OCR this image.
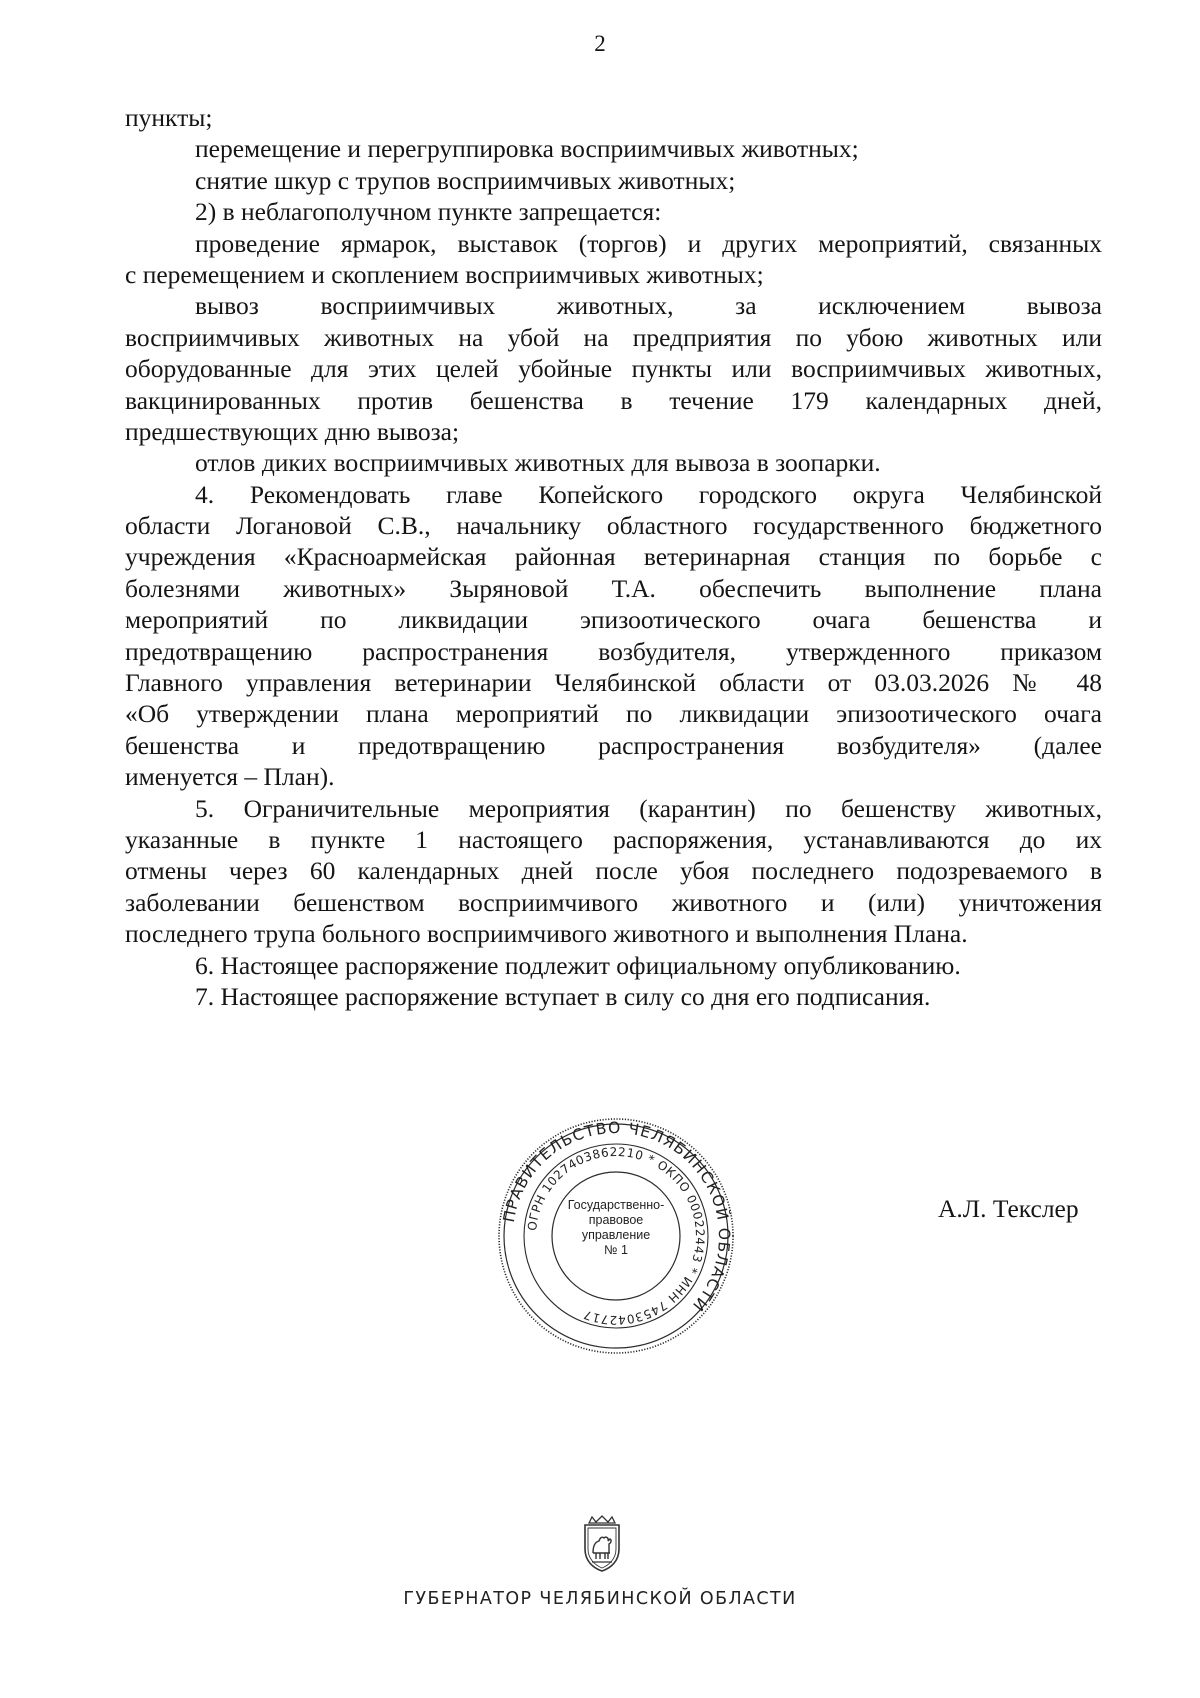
2
пункты;
перемещение и перегруппировка восприимчивых животных;
снятие шкур с трупов восприимчивых животных;
2) в неблагополучном пункте запрещается:
проведение ярмарок, выставок (торгов) и других мероприятий, связанных
с перемещением и скоплением восприимчивых животных;
вывоз восприимчивых животных, за исключением вывоза
восприимчивых животных на убой на предприятия по убою животных или
оборудованные для этих целей убойные пункты или восприимчивых животных,
вакцинированных против бешенства в течение 179 календарных дней,
предшествующих дню вывоза;
отлов диких восприимчивых животных для вывоза в зоопарки.
4. Рекомендовать главе Копейского городского округа Челябинской
области Логановой С.В., начальнику областного государственного бюджетного
учреждения «Красноармейская районная ветеринарная станция по борьбе с
болезнями животных» Зыряновой Т.А. обеспечить выполнение плана
мероприятий по ликвидации эпизоотического очага бешенства и
предотвращению распространения возбудителя, утвержденного приказом
Главного управления ветеринарии Челябинской области от 03.03.2026 № 48
«Об утверждении плана мероприятий по ликвидации эпизоотического очага
бешенства и предотвращению распространения возбудителя» (далее
именуется – План).
5. Ограничительные мероприятия (карантин) по бешенству животных,
указанные в пункте 1 настоящего распоряжения, устанавливаются до их
отмены через 60 календарных дней после убоя последнего подозреваемого в
заболевании бешенством восприимчивого животного и (или) уничтожения
последнего трупа больного восприимчивого животного и выполнения Плана.
6. Настоящее распоряжение подлежит официальному опубликованию.
7. Настоящее распоряжение вступает в силу со дня его подписания.
ПРАВИТЕЛЬСТВО ЧЕЛЯБИНСКОЙ ОБЛАСТИ
ОГРН 1027403862210 * ОКПО 00022443 * ИНН 7453042717
Государственно-
правовое
управление
№ 1
А.Л. Текслер
ГУБЕРНАТОР ЧЕЛЯБИНСКОЙ ОБЛАСТИ
